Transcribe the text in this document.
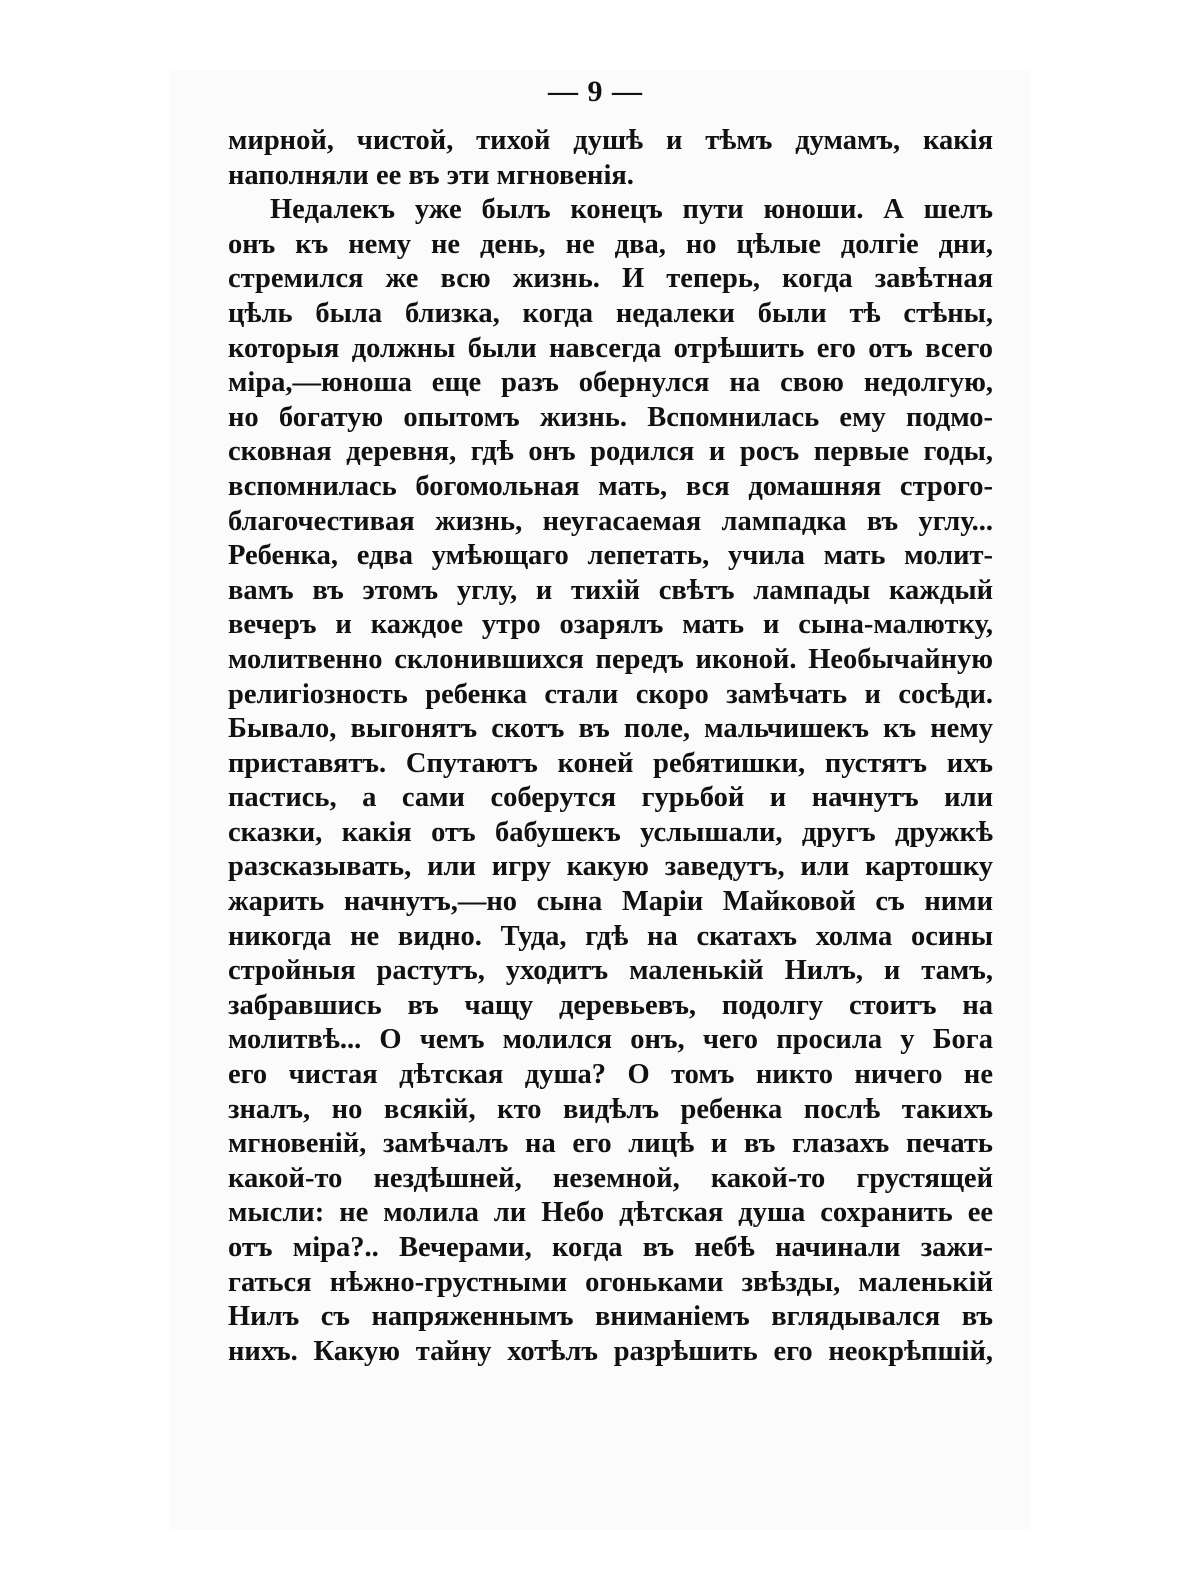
— 9 —
мирной, чистой, тихой душѣ и тѣмъ думамъ, какія
наполняли ее въ эти мгновенія.
Недалекъ уже былъ конецъ пути юноши. А шелъ
онъ къ нему не день, не два, но цѣлые долгіе дни,
стремился же всю жизнь. И теперь, когда завѣтная
цѣль была близка, когда недалеки были тѣ стѣны,
которыя должны были навсегда отрѣшить его отъ всего
міра,—юноша еще разъ обернулся на свою недолгую,
но богатую опытомъ жизнь. Вспомнилась ему подмо-
сковная деревня, гдѣ онъ родился и росъ первые годы,
вспомнилась богомольная мать, вся домашняя строго-
благочестивая жизнь, неугасаемая лампадка въ углу...
Ребенка, едва умѣющаго лепетать, учила мать молит-
вамъ въ этомъ углу, и тихій свѣтъ лампады каждый
вечеръ и каждое утро озарялъ мать и сына-малютку,
молитвенно склонившихся передъ иконой. Необычайную
религіозность ребенка стали скоро замѣчать и сосѣди.
Бывало, выгонятъ скотъ въ поле, мальчишекъ къ нему
приставятъ. Спутаютъ коней ребятишки, пустятъ ихъ
пастись, а сами соберутся гурьбой и начнутъ или
сказки, какія отъ бабушекъ услышали, другъ дружкѣ
разсказывать, или игру какую заведутъ, или картошку
жарить начнутъ,—но сына Маріи Майковой съ ними
никогда не видно. Туда, гдѣ на скатахъ холма осины
стройныя растутъ, уходитъ маленькій Нилъ, и тамъ,
забравшись въ чащу деревьевъ, подолгу стоитъ на
молитвѣ... О чемъ молился онъ, чего просила у Бога
его чистая дѣтская душа? О томъ никто ничего не
зналъ, но всякій, кто видѣлъ ребенка послѣ такихъ
мгновеній, замѣчалъ на его лицѣ и въ глазахъ печать
какой-то нездѣшней, неземной, какой-то грустящей
мысли: не молила ли Небо дѣтская душа сохранить ее
отъ міра?.. Вечерами, когда въ небѣ начинали зажи-
гаться нѣжно-грустными огоньками звѣзды, маленькій
Нилъ съ напряженнымъ вниманіемъ вглядывался въ
нихъ. Какую тайну хотѣлъ разрѣшить его неокрѣпшій,
